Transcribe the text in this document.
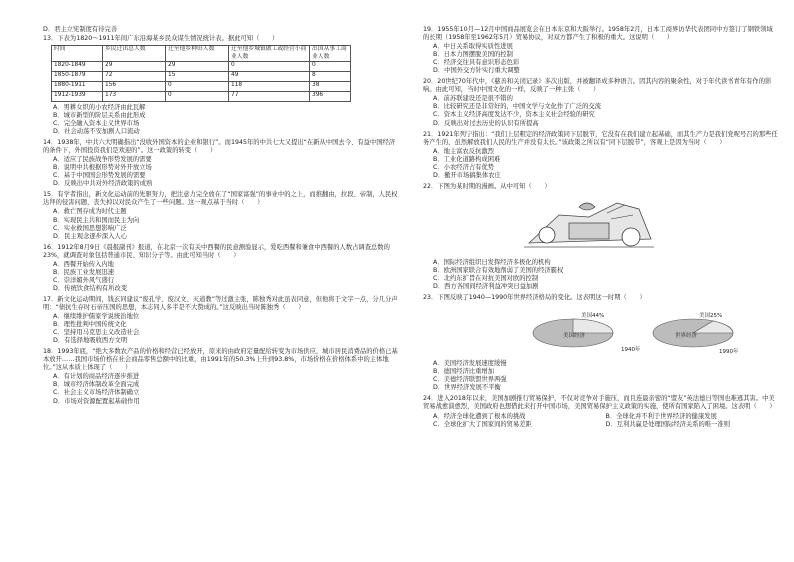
D．君主立宪制度有待完善
13．下表为1820～1911年间广东沿海某乡民众谋生情况统计表。据此可知（　　）
时间	乡民迁出总人数	迁至他乡种田人数	迁至他乡城镇做工或经营小商业人数	出国从事工商业人数
1820-1849	29	29	0	0
1850-1879	72	15	49	8
1880-1911	156	0	118	38
1912-1939	173	0	77	396
A．男耕女织的小农经济由此瓦解
B．城市新型的阶层关系由此形成
C．完全融入资本主义世界市场
D．社会动荡不安加剧人口流动
14．1938年，中共六大明确指出“没收外国资本的企业和银行”。而1945年的中共七大又提出“在新从中国去今、有益中国经济的条件下，外国投资我们是欢迎的”。这一政策的转变（　　）
A．适应了民族战争形势发展的需要
B．说明中共根据形势对外开放立场
C．基于中国国会形势发展的需要
D．反映出中共对外经济政策的成熟
15．有学者指出，新文化运动前的先驱努力，把注意力完全放在了“国家富强”的事业中的之上，而推翻由，拉段、帝制，人民权达拜的侵害问题，丧失掉以对民众产生了一些问题。这一观点基于当时（　　）
A．救亡图存成为时代主题
B．实现民主共和国而民主为向
C．实业救国思想影响广泛
D．民主观念逐步深入人心
16．1912年8月9日《晨报副刊》报道，在北京一次有关中西餐的民意测验显示，爱吃西餐和兼食中西餐的人数占调查总数的23%，就调查对象包括普通市民、知识分子等。由此可知当时（　　）
A．西餐开始传入内地
B．民族工业发展迅速
C．崇洋媚外风气盛行
D．传统饮食结构有所改变
17．新文化运动期间，钱玄同建议“废孔学、废汉文、灭道教”等过激主张，陈独秀对此虽表同意，但他将于文字一点，分几分声明：“债抗生存时石帝压国的思想，本志同人多半是不大赞成的。”这反映出当时陈独秀（　　）
A．继续维护儒家学说统治地位
B．理性批判中国传统文化
C．坚持用马克思主义改造社会
D．有选择地吸收西方文明
18．1993年底，“绝大多数农产品的价格和经营已经放开，原来的由政府定量配给转变为市场供应，城市居民消费品的价格已基本放开……我国市场价格在社会商品零售总额中的比重，由1991年的50.3%上升到93.8%，市场价格在价格体系中的主体地位。”这从本质上体现了（　　）
A．有计划的商品经济逐步推进
B．城市经济体制改革全面完成
C．社会主义市场经济体制确立
D．市场对资源配置起基础作用
19．1955年10月—12月中国商品展览会在日本东京和大阪举行。1958年2月，日本工商界访华代表团同中方签订了钢铁领域的长期（1958年至1962年5月）贸易协议，对双方都产生了积极的重大。这说明（　　）
A．中日关系取得实质性进展
B．日本力图摆脱美国的控制
C．经济交往具有意识形态色彩
D．中国外交方针实行重大调整
20．20世纪70年代中，《慈善和关闭记录》多次出版，并被翻译成多种语言。因其内容的聚余性，对于年代读书青年有作的影响。由此可知，当时中国文化的一样，反映了一种主张（　　）
A．前苏联建设还是很不错的
B．比较研究还是非常好的，中国文学与文化作了广泛的交流
C．资本主义经济高度发达不少，资本主义社会经验的研究
D．反映出对过去历史的认识有所提高
21．1921年列宁指出：“我们上层粗定的经济政策同下层脱节，它没有在我们建立起基础，而其生产力是我们党呢号召的那些任务产生的，虽然解放我们人民的生产并没有太长。”该政策之所以有“同下层脱节”，客观上是因为当时（　　）
A．地主富农反抗激烈
B．工业化道路构成困难
C．小农经济占有优势
D．撤开市场搞集体农庄
22．下图为某时期的漫画。从中可知（　　）
A．国际经济组织日发挥经济多极化的机构
B．欧洲国家联合有效地削弱了美国的经济霸权
C．北约东扩旨在对抗美国对欧的控制
D．西方各国间经济利益冲突日益加剧
23．下图反映了1940—1990年世界经济格局的变化。这表明这一时期（　　）
美国经济
美国44%
1940年
世界经济
美国25%
1990年
A．美国经济发展速度缓慢
B．德国经济比重增加
C．美德经济联盟世界两强
D．世界经济发展不平衡
24．进入2018年以来，美国加剧推行贸易保护，不仅对竞争对手施压，而且连最亲密的“盟友”英法德日等国也难逃其害。中美贸易战愈演愈烈，美国政府也想借此来打开中国市场，美国贸易保护主义政策的实施，使所有国家陷入了困境。这表明（　　）
A．经济全球化遭到了根本的挑战	B．全球化并不利于世界经济的健康发展
C．全球化扩大了国家间的贸易差距	D．互利共赢是处理国际经济关系的唯一准则
